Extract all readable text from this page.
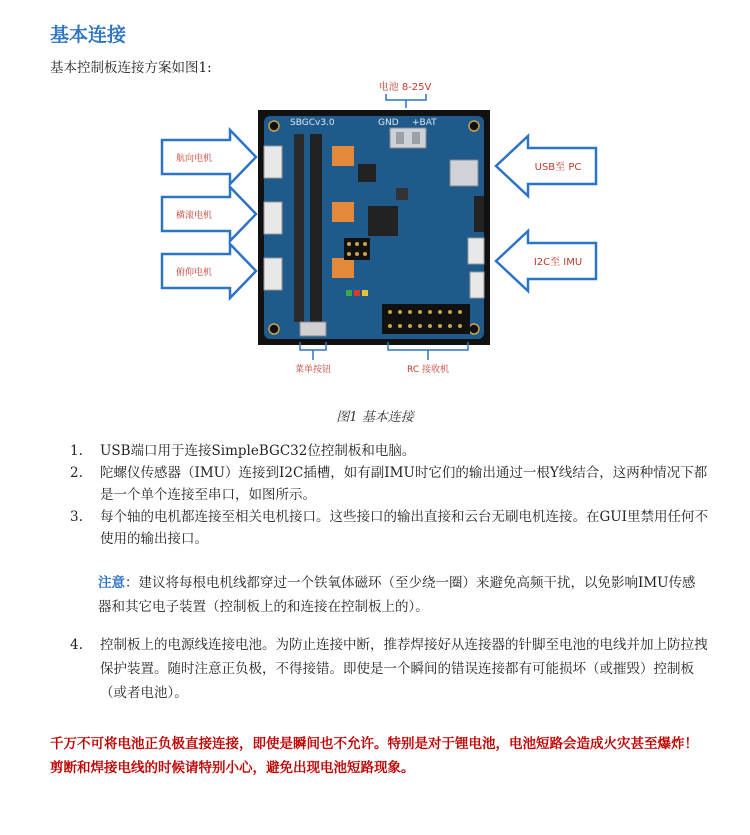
基本连接
基本控制板连接方案如图1:
电池 8-25V
SBGCv3.0	GND +BAT
航向电机
横滚电机
俯仰电机
USB至 PC
I2C至 IMU
菜单按钮	RC 接收机
图1 基本连接
1. USB端口用于连接SimpleBGC32位控制板和电脑。
2. 陀螺仪传感器（IMU）连接到I2C插槽，如有副IMU时它们的输出通过一根Y线结合，这两种情况下都是一个单个连接至串口，如图所示。
3. 每个轴的电机都连接至相关电机接口。这些接口的输出直接和云台无刷电机连接。在GUI里禁用任何不使用的输出接口。
注意：建议将每根电机线都穿过一个铁氧体磁环（至少绕一圈）来避免高频干扰，以免影响IMU传感器和其它电子装置（控制板上的和连接在控制板上的）。
4.	控制板上的电源线连接电池。为防止连接中断，推荐焊接好从连接器的针脚至电池的电线并加上防拉拽保护装置。随时注意正负极，不得接错。即使是一个瞬间的错误连接都有可能损坏（或摧毁）控制板（或者电池）。
千万不可将电池正负极直接连接，即使是瞬间也不允许。特别是对于锂电池，电池短路会造成火灾甚至爆炸！剪断和焊接电线的时候请特别小心，避免出现电池短路现象。
